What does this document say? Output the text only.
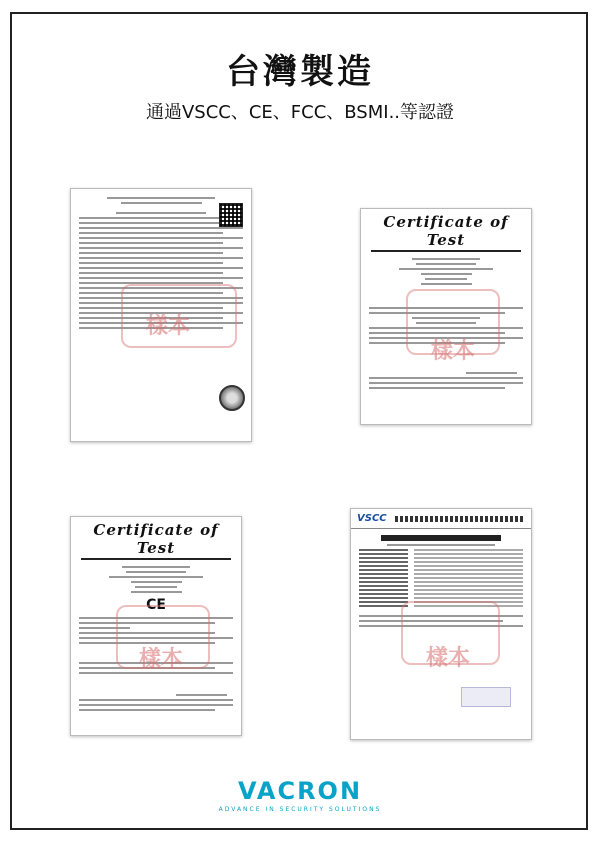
台灣製造
通過VSCC、CE、FCC、BSMI..等認證
樣本
Certificate of Test
樣本
Certificate of Test
CE
樣本
VSCC
樣本
VACRON
ADVANCE IN SECURITY SOLUTIONS
